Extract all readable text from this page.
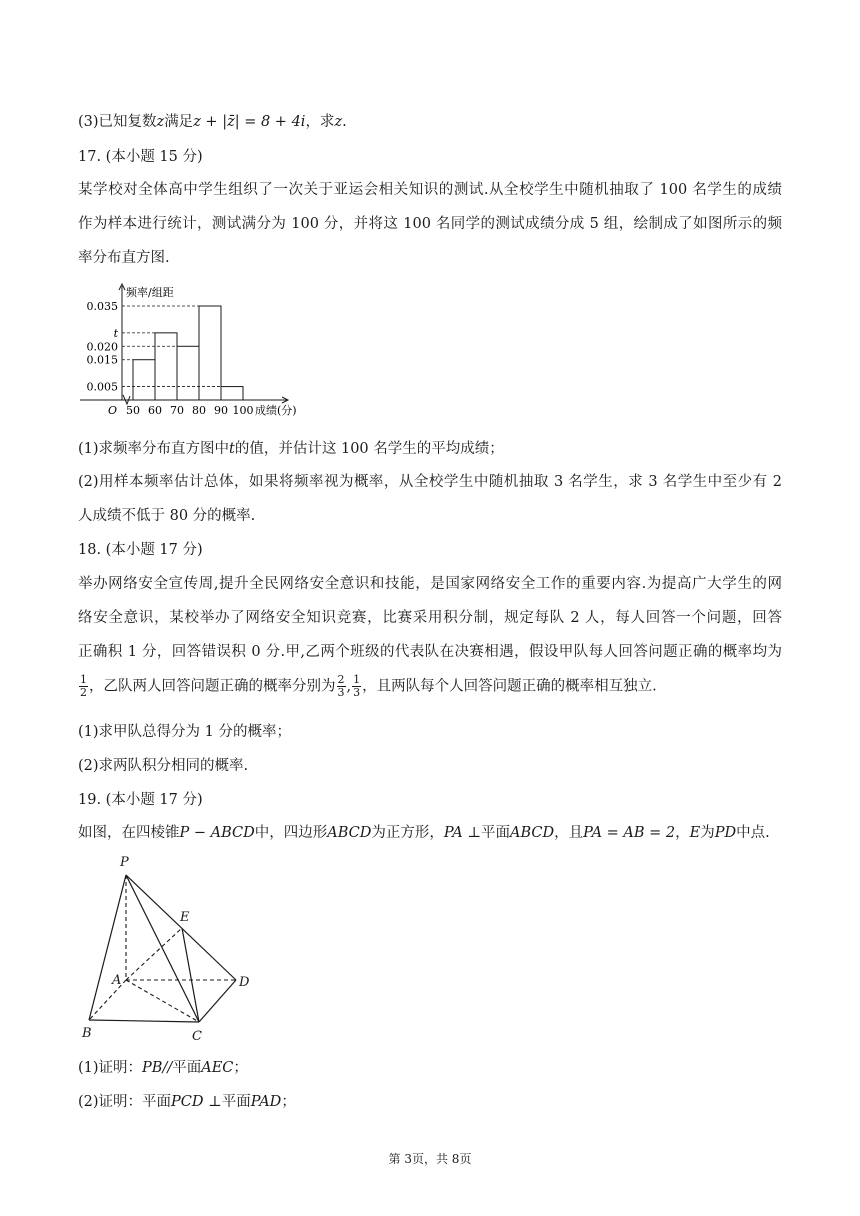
(3)已知复数z满足z + |z̄| = 8 + 4i，求z.
17. (本小题 15 分)
某学校对全体高中学生组织了一次关于亚运会相关知识的测试.从全校学生中随机抽取了 100 名学生的成绩
作为样本进行统计，测试满分为 100 分，并将这 100 名同学的测试成绩分成 5 组，绘制成了如图所示的频
率分布直方图.
0.035
t
0.020
0.015
0.005
频率/组距
O 50 60 70 80 90 100 成绩(分)
(1)求频率分布直方图中t的值，并估计这 100 名学生的平均成绩；
(2)用样本频率估计总体，如果将频率视为概率，从全校学生中随机抽取 3 名学生，求 3 名学生中至少有 2
人成绩不低于 80 分的概率.
18. (本小题 17 分)
举办网络安全宣传周,提升全民网络安全意识和技能，是国家网络安全工作的重要内容.为提高广大学生的网
络安全意识，某校举办了网络安全知识竞赛，比赛采用积分制，规定每队 2 人，每人回答一个问题，回答
正确积 1 分，回答错误积 0 分.甲,乙两个班级的代表队在决赛相遇，假设甲队每人回答问题正确的概率均为
$\frac{1}{2}$ ，乙队两人回答问题正确的概率分别为 $\frac{2}{3}$ , $\frac{1}{3}$ ，且两队每个人回答问题正确的概率相互独立.
(1)求甲队总得分为 1 分的概率；
(2)求两队积分相同的概率.
19. (本小题 17 分)
如图，在四棱锥P − ABCD中，四边形ABCD为正方形，PA ⊥平面ABCD，且PA = AB = 2，E为PD中点.
P
E
A	D
B	C
(1)证明：PB//平面AEC；
(2)证明：平面PCD ⊥平面PAD；
第 3页，共 8页
